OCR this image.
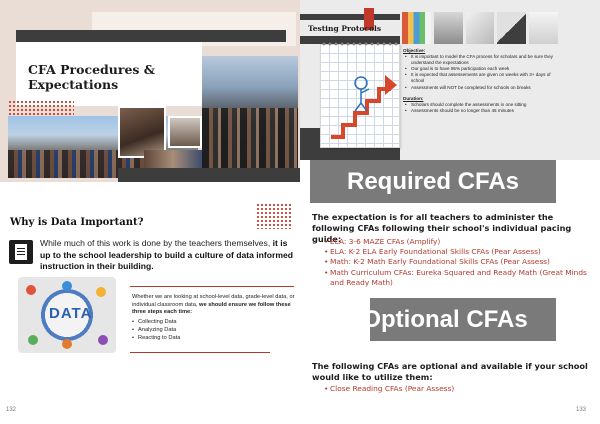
CFA Procedures & Expectations
Why is Data Important?
While much of this work is done by the teachers themselves, it is up to the school leadership to build a culture of data informed instruction in their building.
DATA
Whether we are looking at school-level data, grade-level data, or individual classroom data, we should ensure we follow these three steps each time:
• Collecting Data
• Analyzing Data
• Reacting to Data
132
Testing Protocols
Objective:
• It is important to model the CFA process for scholars and be sure they understand the expectations
• Our goal is to have 95% participation each week
• It is expected that assessements are given on weeks with 3+ days of school
• Assessments will NOT be completed for schools on breaks
Duration:
• Scholars should complete the assessments in one sitting
• Assessments should be no longer than 45 minutes
Required CFAs
The expectation is for all teachers to administer the following CFAs following their school's individual pacing guide:
• ELA: 3-6 MAZE CFAs (Amplify)
• ELA: K-2 ELA Early Foundational Skills CFAs (Pear Assess)
• Math: K-2 Math Early Foundational Skills CFAs (Pear Assess)
• Math Curriculum CFAs: Eureka Squared and Ready Math (Great Minds and Ready Math)
Optional CFAs
The following CFAs are optional and available if your school would like to utilize them:
• Close Reading CFAs (Pear Assess)
133
